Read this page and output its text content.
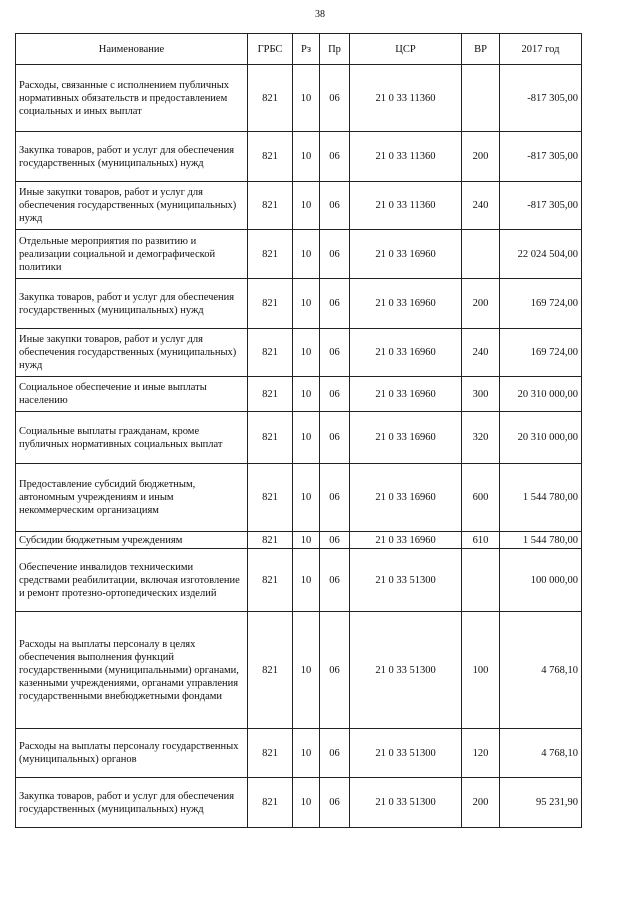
38
Наименование	ГРБС	Рз	Пр	ЦСР	ВР	2017 год
Расходы, связанные с исполнением публичных нормативных обязательств и предоставлением социальных и иных выплат	821	10	06	21 0 33 11360		-817 305,00
Закупка товаров, работ и услуг для обеспечения государственных (муниципальных) нужд	821	10	06	21 0 33 11360	200	-817 305,00
Иные закупки товаров, работ и услуг для обеспечения государственных (муниципальных) нужд	821	10	06	21 0 33 11360	240	-817 305,00
Отдельные мероприятия по развитию и реализации социальной и демографической политики	821	10	06	21 0 33 16960		22 024 504,00
Закупка товаров, работ и услуг для обеспечения государственных (муниципальных) нужд	821	10	06	21 0 33 16960	200	169 724,00
Иные закупки товаров, работ и услуг для обеспечения государственных (муниципальных) нужд	821	10	06	21 0 33 16960	240	169 724,00
Социальное обеспечение и иные выплаты населению	821	10	06	21 0 33 16960	300	20 310 000,00
Социальные выплаты гражданам, кроме публичных нормативных социальных выплат	821	10	06	21 0 33 16960	320	20 310 000,00
Предоставление субсидий бюджетным, автономным учреждениям и иным некоммерческим организациям	821	10	06	21 0 33 16960	600	1 544 780,00
Субсидии бюджетным учреждениям	821	10	06	21 0 33 16960	610	1 544 780,00
Обеспечение инвалидов техническими средствами реабилитации, включая изготовление и ремонт протезно-ортопедических изделий	821	10	06	21 0 33 51300		100 000,00
Расходы на выплаты персоналу в целях обеспечения выполнения функций государственными (муниципальными) органами, казенными учреждениями, органами управления государственными внебюджетными фондами	821	10	06	21 0 33 51300	100	4 768,10
Расходы на выплаты персоналу государственных (муниципальных) органов	821	10	06	21 0 33 51300	120	4 768,10
Закупка товаров, работ и услуг для обеспечения государственных (муниципальных) нужд	821	10	06	21 0 33 51300	200	95 231,90
